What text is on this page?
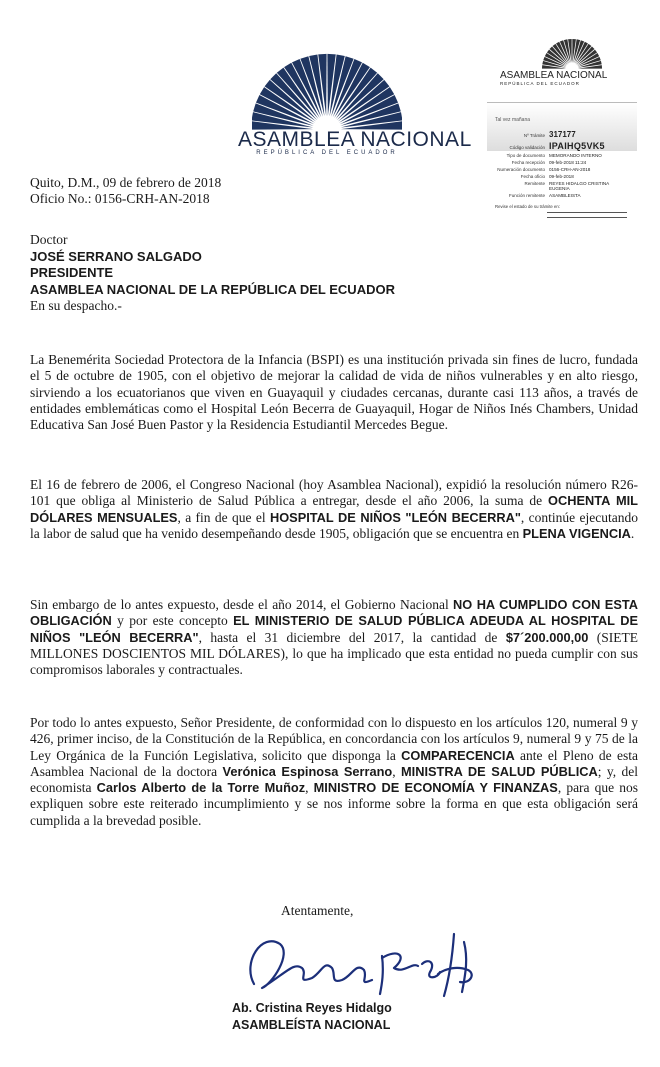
ASAMBLEA NACIONAL
REPÚBLICA DEL ECUADOR
ASAMBLEA NACIONAL
REPÚBLICA DEL ECUADOR
Tal vez mañana
Nº Trámite 317177
Código validación IPAIHQ5VK5
Tipo de documento MEMORANDO INTERNO
Fecha recepción 09-feb-2018 11:24
Numeración documento 0156-CRH-AN-2018
Fecha oficio 09-feb-2018
Remitente REYES HIDALGO CRISTINA EUGENIA
Función remitente ASAMBLEISTA
Revise el estado de su trámite en:
Quito, D.M., 09 de febrero de 2018
Oficio No.: 0156-CRH-AN-2018
Doctor
JOSÉ SERRANO SALGADO
PRESIDENTE
ASAMBLEA NACIONAL DE LA REPÚBLICA DEL ECUADOR
En su despacho.-
La Benemérita Sociedad Protectora de la Infancia (BSPI) es una institución privada sin fines de lucro, fundada el 5 de octubre de 1905, con el objetivo de mejorar la calidad de vida de niños vulnerables y en alto riesgo, sirviendo a los ecuatorianos que viven en Guayaquil y ciudades cercanas, durante casi 113 años, a través de entidades emblemáticas como el Hospital León Becerra de Guayaquil, Hogar de Niños Inés Chambers, Unidad Educativa San José Buen Pastor y la Residencia Estudiantil Mercedes Begue.
El 16 de febrero de 2006, el Congreso Nacional (hoy Asamblea Nacional), expidió la resolución número R26-101 que obliga al Ministerio de Salud Pública a entregar, desde el año 2006, la suma de OCHENTA MIL DÓLARES MENSUALES, a fin de que el HOSPITAL DE NIÑOS "LEÓN BECERRA", continúe ejecutando la labor de salud que ha venido desempeñando desde 1905, obligación que se encuentra en PLENA VIGENCIA.
Sin embargo de lo antes expuesto, desde el año 2014, el Gobierno Nacional NO HA CUMPLIDO CON ESTA OBLIGACIÓN y por este concepto EL MINISTERIO DE SALUD PÚBLICA ADEUDA AL HOSPITAL DE NIÑOS "LEÓN BECERRA", hasta el 31 diciembre del 2017, la cantidad de $7´200.000,00 (SIETE MILLONES DOSCIENTOS MIL DÓLARES), lo que ha implicado que esta entidad no pueda cumplir con sus compromisos laborales y contractuales.
Por todo lo antes expuesto, Señor Presidente, de conformidad con lo dispuesto en los artículos 120, numeral 9 y 426, primer inciso, de la Constitución de la República, en concordancia con los artículos 9, numeral 9 y 75 de la Ley Orgánica de la Función Legislativa, solicito que disponga la COMPARECENCIA ante el Pleno de esta Asamblea Nacional de la doctora Verónica Espinosa Serrano, MINISTRA DE SALUD PÚBLICA; y, del economista Carlos Alberto de la Torre Muñoz, MINISTRO DE ECONOMÍA Y FINANZAS, para que nos expliquen sobre este reiterado incumplimiento y se nos informe sobre la forma en que esta obligación será cumplida a la brevedad posible.
Atentamente,
Ab. Cristina Reyes Hidalgo
ASAMBLEÍSTA NACIONAL
